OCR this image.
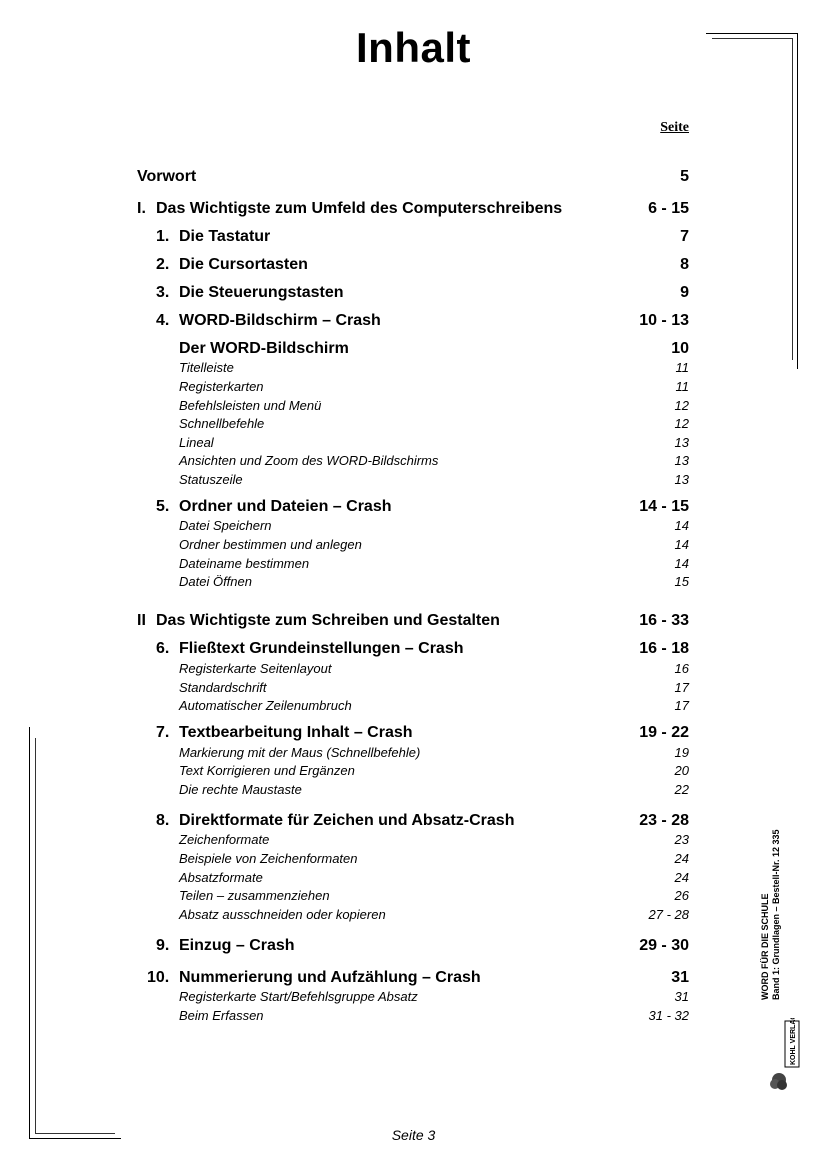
Inhalt
Seite
Vorwort	5
I. Das Wichtigste zum Umfeld des Computerschreibens	6 - 15
1. Die Tastatur	7
2. Die Cursortasten	8
3. Die Steuerungstasten	9
4. WORD-Bildschirm – Crash	10 - 13
Der WORD-Bildschirm	10
Titelleiste	11
Registerkarten	11
Befehlsleisten und Menü	12
Schnellbefehle	12
Lineal	13
Ansichten und Zoom des WORD-Bildschirms	13
Statuszeile	13
5. Ordner und Dateien – Crash	14 - 15
Datei Speichern	14
Ordner bestimmen und anlegen	14
Dateiname bestimmen	14
Datei Öffnen	15
II Das Wichtigste zum Schreiben und Gestalten	16 - 33
6. Fließtext Grundeinstellungen – Crash	16 - 18
Registerkarte Seitenlayout	16
Standardschrift	17
Automatischer Zeilenumbruch	17
7. Textbearbeitung Inhalt – Crash	19 - 22
Markierung mit der Maus (Schnellbefehle)	19
Text Korrigieren und Ergänzen	20
Die rechte Maustaste	22
8. Direktformate für Zeichen und Absatz-Crash	23 - 28
Zeichenformate	23
Beispiele von Zeichenformaten	24
Absatzformate	24
Teilen – zusammenziehen	26
Absatz ausschneiden oder kopieren	27 - 28
9. Einzug – Crash	29 - 30
10. Nummerierung und Aufzählung – Crash	31
Registerkarte Start/Befehlsgruppe Absatz	31
Beim Erfassen	31 - 32
WORD FÜR DIE SCHULE Band 1: Grundlagen – Bestell-Nr. 12 335
KOHL VERLAG
Seite 3
